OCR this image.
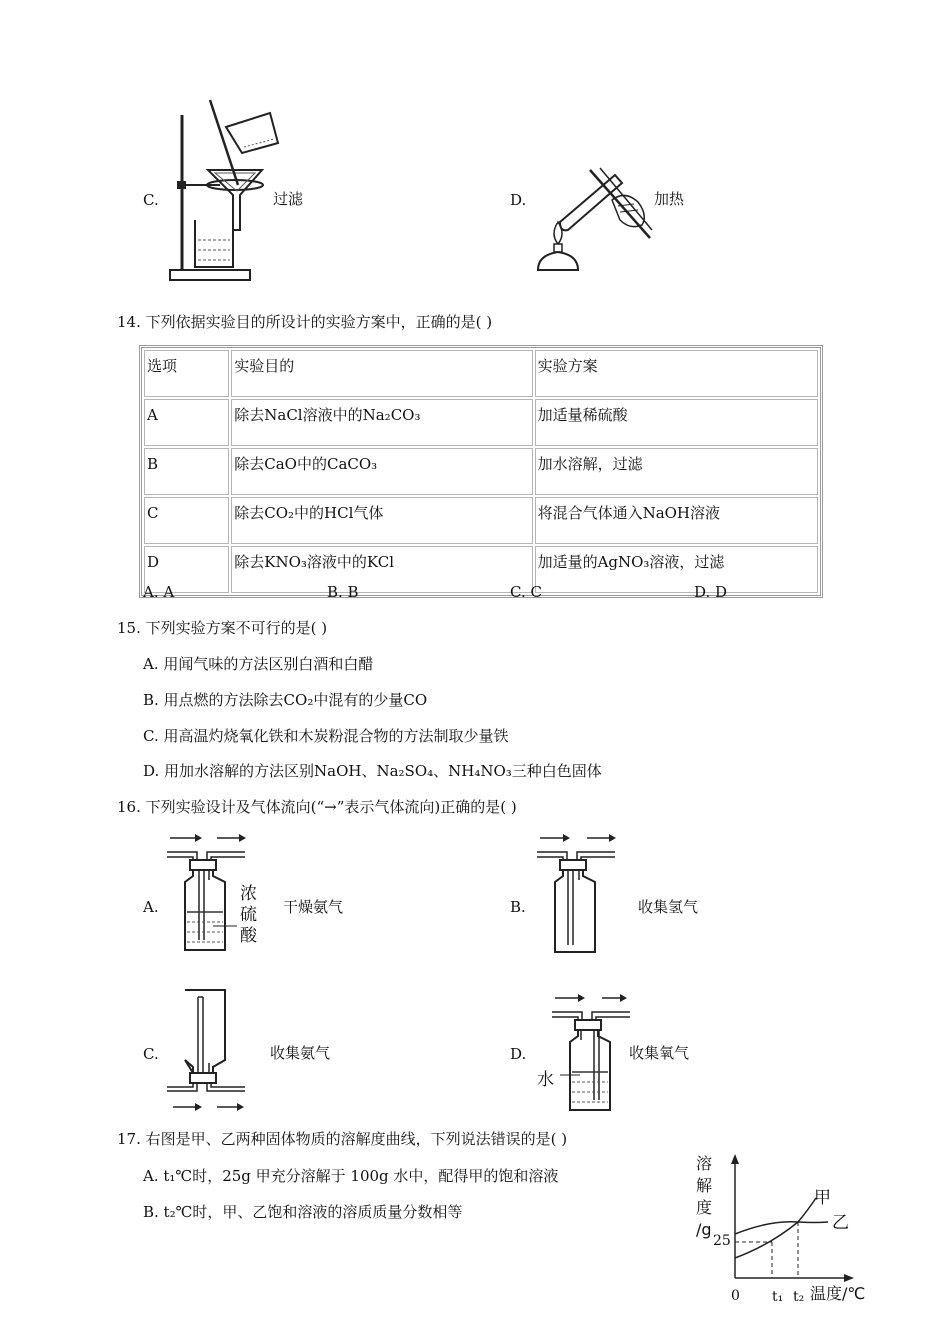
C.	过滤	D.	加热
14. 下列依据实验目的所设计的实验方案中，正确的是( )
选项	实验目的	实验方案
A	除去NaCl溶液中的Na₂CO₃	加适量稀硫酸
B	除去CaO中的CaCO₃	加水溶解，过滤
C	除去CO₂中的HCl气体	将混合气体通入NaOH溶液
D	除去KNO₃溶液中的KCl	加适量的AgNO₃溶液，过滤
A. A	B. B	C. C	D. D
15. 下列实验方案不可行的是( )
A. 用闻气味的方法区别白酒和白醋
B. 用点燃的方法除去CO₂中混有的少量CO
C. 用高温灼烧氧化铁和木炭粉混合物的方法制取少量铁
D. 用加水溶解的方法区别NaOH、Na₂SO₄、NH₄NO₃三种白色固体
16. 下列实验设计及气体流向(“→”表示气体流向)正确的是( )
浓
硫
酸
A.	干燥氨气	B.	收集氢气
C.	收集氨气
水
D.	收集氧气
17. 右图是甲、乙两种固体物质的溶解度曲线，下列说法错误的是( )
A. t₁℃时，25g 甲充分溶解于 100g 水中，配得甲的饱和溶液
B. t₂℃时，甲、乙饱和溶液的溶质质量分数相等
溶
解
度
/g
25
甲
乙
0 t₁ t₂ 温度/℃
